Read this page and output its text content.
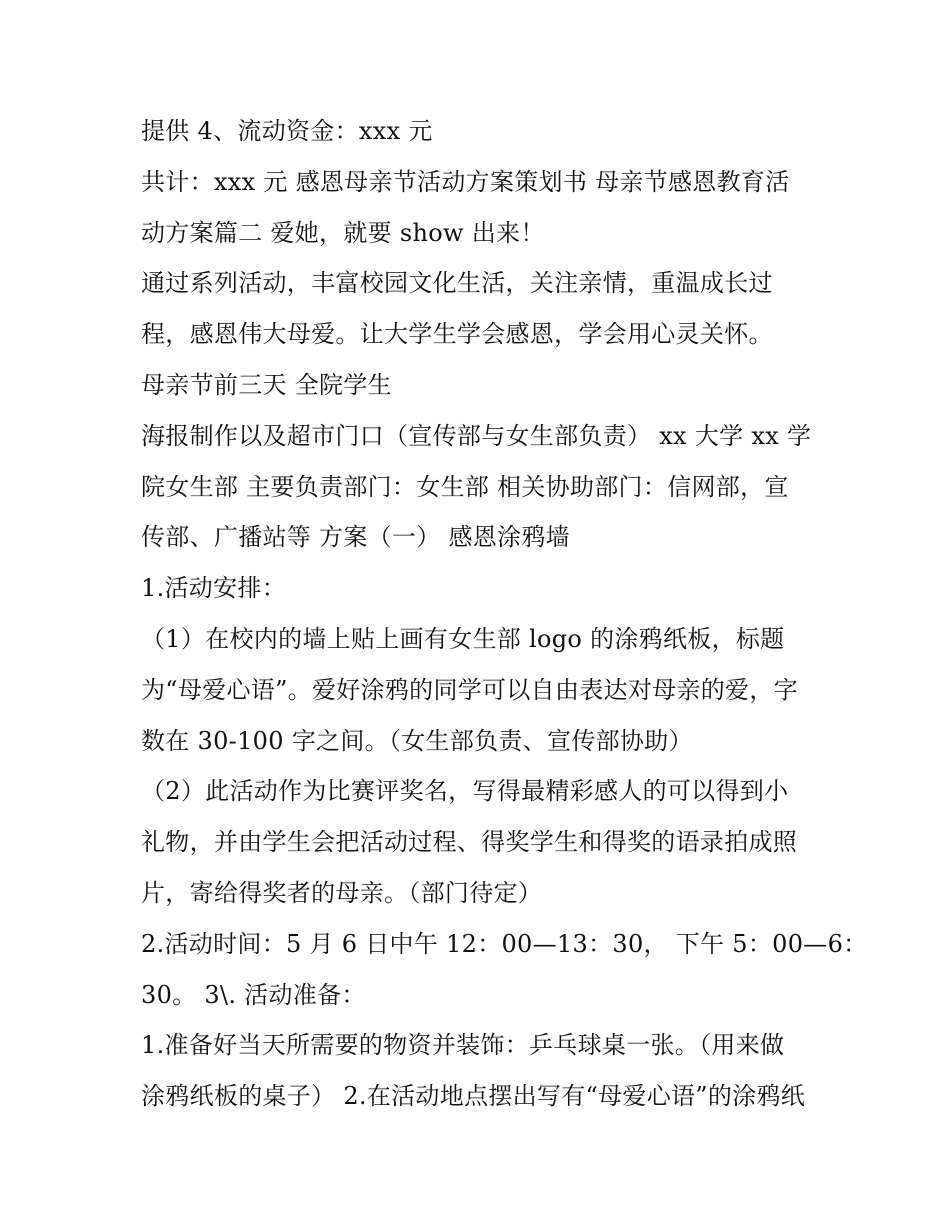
提供 4、流动资金：xxx 元
共计：xxx 元 感恩母亲节活动方案策划书 母亲节感恩教育活
动方案篇二 爱她，就要 show 出来！
通过系列活动，丰富校园文化生活，关注亲情，重温成长过
程，感恩伟大母爱。让大学生学会感恩，学会用心灵关怀。
母亲节前三天 全院学生
海报制作以及超市门口（宣传部与女生部负责） xx 大学 xx 学
院女生部 主要负责部门：女生部 相关协助部门：信网部，宣
传部、广播站等 方案（一） 感恩涂鸦墙
1.活动安排：
（1）在校内的墙上贴上画有女生部 logo 的涂鸦纸板，标题
为“母爱心语”。爱好涂鸦的同学可以自由表达对母亲的爱，字
数在 30-100 字之间。（女生部负责、宣传部协助）
（2）此活动作为比赛评奖名，写得最精彩感人的可以得到小
礼物，并由学生会把活动过程、得奖学生和得奖的语录拍成照
片，寄给得奖者的母亲。（部门待定）
2.活动时间：5 月 6 日中午 12：00—13：30， 下午 5：00—6：
30。 3\. 活动准备：
1.准备好当天所需要的物资并装饰：乒乓球桌一张。（用来做
涂鸦纸板的桌子） 2.在活动地点摆出写有“母爱心语”的涂鸦纸
